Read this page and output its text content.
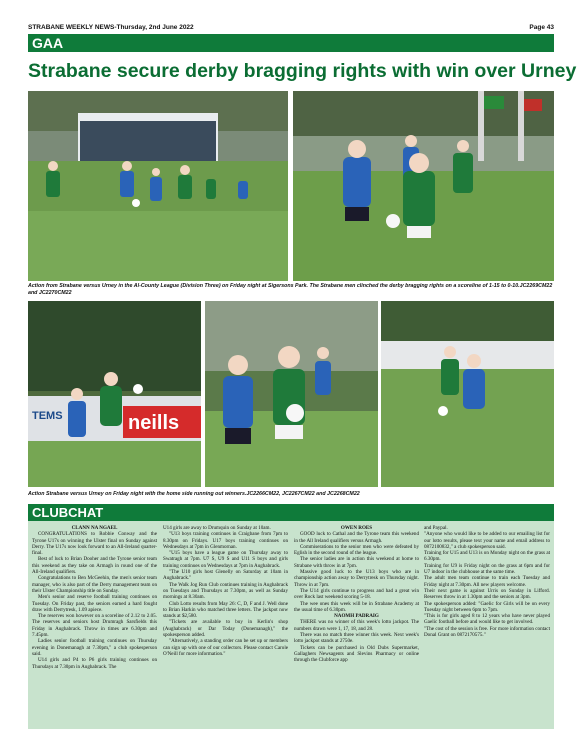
STRABANE WEEKLY NEWS-Thursday, 2nd June 2022	Page 43
GAA
Strabane secure derby bragging rights with win over Urney
Action from Strabane versus Urney in the Al-County League (Division Three) on Friday night at Sigersons Park. The Strabane men clinched the derby bragging rights on a scoreline of 1-15 to 0-10.JC2269CM22 and JC2270CM22
neills
TEMS
Action Strabane versus Urney on Friday night with the home side running out winners.JC2266CM22, JC2267CM22 and JC2268CM22
CLUBCHAT
CLANN NA NGAEL

CONGRATULATIONS to Robbie Conway and the Tyrone U17s on winning the Ulster final on Sunday against Derry. The U17s now look forward to an All-Ireland quarter-final.

Best of luck to Brian Dooher and the Tyrone senior team this weekend as they take on Armagh in round one of the All-Ireland qualifiers.

Congratulations to Ben McGeehin, the men's senior team manager, who is also part of the Derry management team on their Ulster Championship title on Sunday.

Men's senior and reserve football training continues on Tuesday. On Friday past, the seniors earned a hard fought draw with Derrytresk, 1.09 apiece.

The reserves won however on a scoreline of 2.12 to 2.05. The reserves and seniors host Drumragh Sarsfields this Friday in Aughabrack. Throw in times are 6.30pm and 7.45pm.

Ladies senior football training continues on Thursday evening in Donemanagh at 7.30pm," a club spokesperson said.

U14 girls and P4 to P6 girls training continues on Thursdays at 7.30pm in Aughabrack. The

U14 girls are away to Drumquin on Sunday at 10am.

"U13 boys training continues in Craigbane from 7pm to 8.30pm on Fridays. U17 boys training continues on Wednesdays at 7pm in Glenmornan.

"U15 boys have a league game on Thursday away to Swatragh at 7pm. U7 S, U9 S and U11 S boys and girls training continues on Wednesdays at 7pm in Aughabrack.

"The U10 girls host Glenelly on Saturday at 10am in Aughabrack."

The Walk Jog Run Club continues training in Aughabrack on Tuesdays and Thursdays at 7.30pm, as well as Sunday mornings at 8.30am.

Club Lotto results from May 26: C, D, F and J. Well done to Brian Harkin who matched three letters. The jackpot now stands at $2,580.

"Tickets are available to buy in Kerlin's shop (Aughabrack) or Dar Today (Donemanagh)," the spokesperson added.

"Alternatively, a standing order can be set up or members can sign up with one of our collectors. Please contact Carole O'Neill for more information."

OWEN ROES

GOOD luck to Cathal and the Tyrone team this weekend in the All Ireland qualifiers versus Armagh.

Commiserations to the senior men who were defeated by Eglish in the second round of the league.

The senior ladies are in action this weekend at home to Strabane with throw in at 7pm.

Massive good luck to the U13 boys who are in championship action away to Derrytresk on Thursday night. Throw in at 7pm.

The U14 girls continue to progress and had a great win over Rock last weekend scoring 5-18.

The wee ones this week will be in Strabane Academy at the usual time of 6.30pm.

NAOMH PADRAIG

THERE was no winner of this week's lotto jackpot. The numbers drawn were 1, 17, 18, and 28.

There was no match three winner this week. Next week's lotto jackpot stands at 2750e.

Tickets can be purchased in Old Dubs Supermarket, Gallaghers Newsagents and Slevins Pharmacy or online through the Clubforce app

and Paypal.

"Anyone who would like to be added to our emailing list for our lotto results, please text your name and email address to 0872100832," a club spokesperson said.

Training for U15 and U13 is on Monday night on the grass at 6.30pm.

Training for U9 is Friday night on the grass at 6pm and for U7 indoor in the clubhouse at the same time.

The adult men team continue to train each Tuesday and Friday night at 7.30pm. All new players welcome.

Their next game is against Urris on Sunday in Lifford. Reserves throw in at 1.30pm and the seniors at 3pm.

The spokesperson added: "Gaelic for Girls will be on every Tuesday night between 6pm to 7pm.

"This is for girls aged 8 to 12 years who have never played Gaelic football before and would like to get involved.

"The cost of the session is free. For more information contact Donal Grant on 0872170575."
